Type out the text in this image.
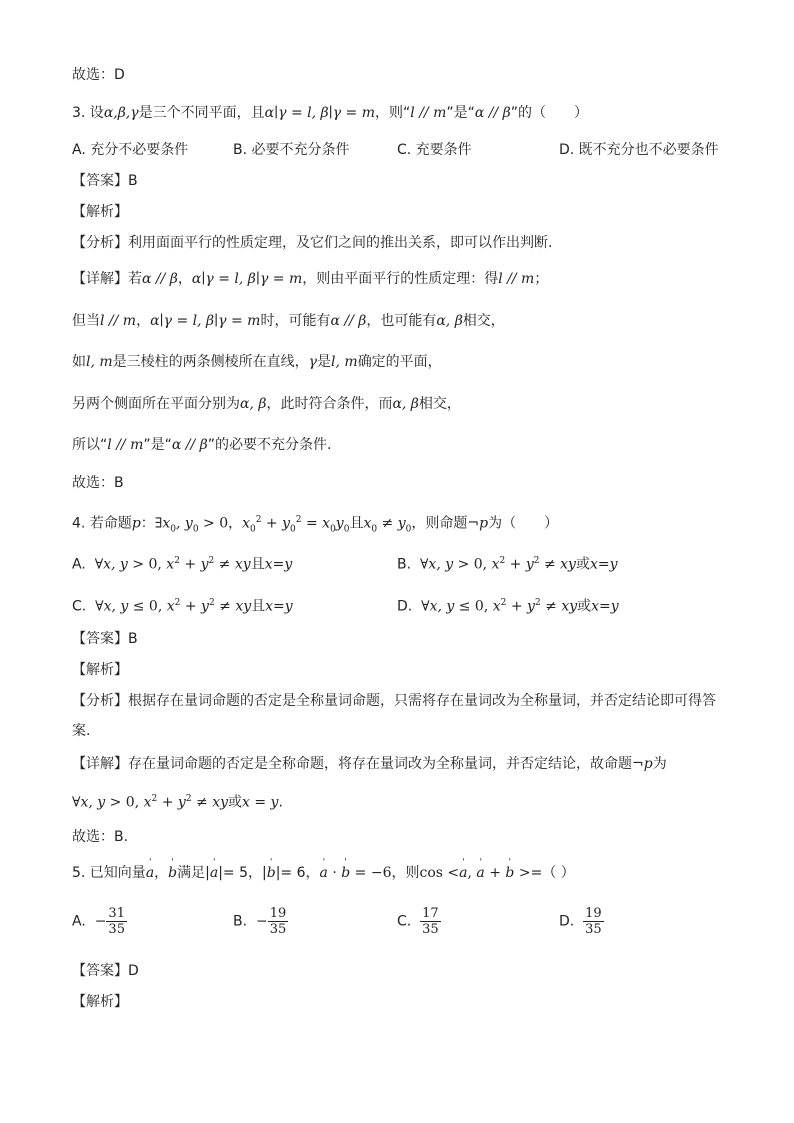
故选：D
3. 设α,β,γ是三个不同平面，且α∣γ = l, β∣γ = m，则“l // m”是“α // β”的（　　）
A. 充分不必要条件	B. 必要不充分条件	C. 充要条件	D. 既不充分也不必要条件
【答案】B
【解析】
【分析】利用面面平行的性质定理，及它们之间的推出关系，即可以作出判断.
【详解】若α // β，α∣γ = l, β∣γ = m，则由平面平行的性质定理：得l // m；
但当l // m，α∣γ = l, β∣γ = m时，可能有α // β，也可能有α, β相交，
如l, m是三棱柱的两条侧棱所在直线，γ是l, m确定的平面，
另两个侧面所在平面分别为α, β，此时符合条件，而α, β相交，
所以“l // m”是“α // β”的必要不充分条件.
故选：B
4. 若命题p：$\exists x_0$, $y_0 > 0$，$x_0^2 + y_0^2 = x_0y_0$且$x_0 \ne y_0$，则命题¬p为（　　）
A. ∀x, y > 0, $x^2 + y^2$ ≠ xy且x=y	B. ∀x, y > 0, $x^2 + y^2$ ≠ xy或x=y
C. ∀x, y ≤ 0, $x^2 + y^2$ ≠ xy且x=y	D. ∀x, y ≤ 0, $x^2 + y^2$ ≠ xy或x=y
【答案】B
【解析】
【分析】根据存在量词命题的否定是全称量词命题，只需将存在量词改为全称量词，并否定结论即可得答
案.
【详解】存在量词命题的否定是全称命题，将存在量词改为全称量词，并否定结论，故命题¬p为
∀x, y > 0, $x^2 + y^2$ ≠ xy或x = y.
故选：B.
5. 已知向量ˈ a，ˈ b满足|ˈ a|= 5，|ˈ b|= 6，ˈ a · ˈ b = −6，则cos <ˈ a, ˈ a + ˈ b >=（ ）
A. − $\frac{31}{35}$	B. − $\frac{19}{35}$	C. $\frac{17}{35}$	D. $\frac{19}{35}$
【答案】D
【解析】
